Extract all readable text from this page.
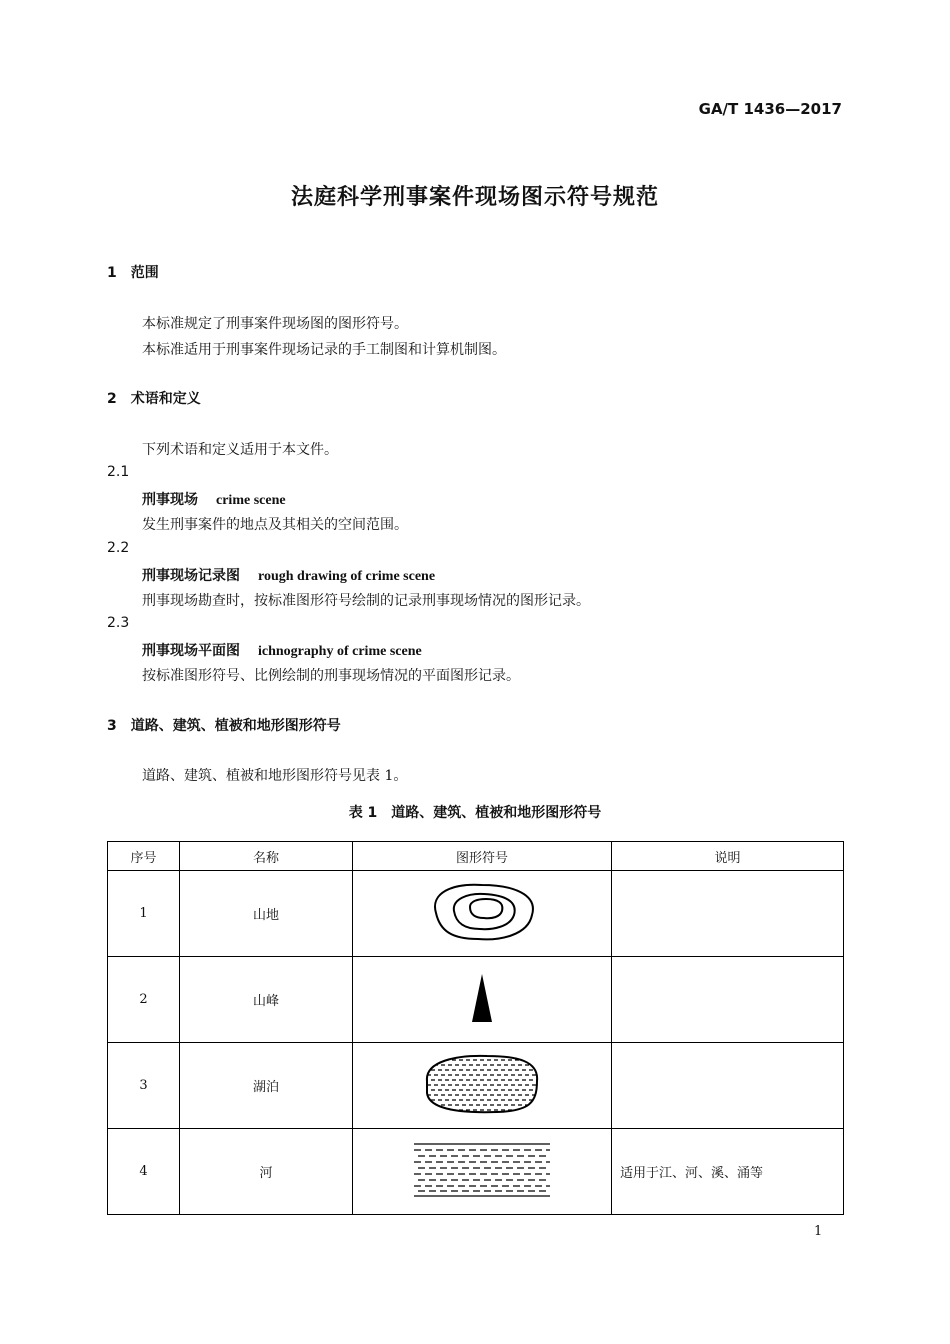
GA/T 1436—2017
法庭科学刑事案件现场图示符号规范
1　范围
本标准规定了刑事案件现场图的图形符号。
本标准适用于刑事案件现场记录的手工制图和计算机制图。
2　术语和定义
下列术语和定义适用于本文件。
2.1
刑事现场 crime scene
发生刑事案件的地点及其相关的空间范围。
2.2
刑事现场记录图 rough drawing of crime scene
刑事现场勘查时，按标准图形符号绘制的记录刑事现场情况的图形记录。
2.3
刑事现场平面图 ichnography of crime scene
按标准图形符号、比例绘制的刑事现场情况的平面图形记录。
3　道路、建筑、植被和地形图形符号
道路、建筑、植被和地形图形符号见表 1。
表 1　道路、建筑、植被和地形图形符号
序号	名称	图形符号	说明
1	山地		
2	山峰		
3	湖泊		
4	河		适用于江、河、溪、涌等
1
